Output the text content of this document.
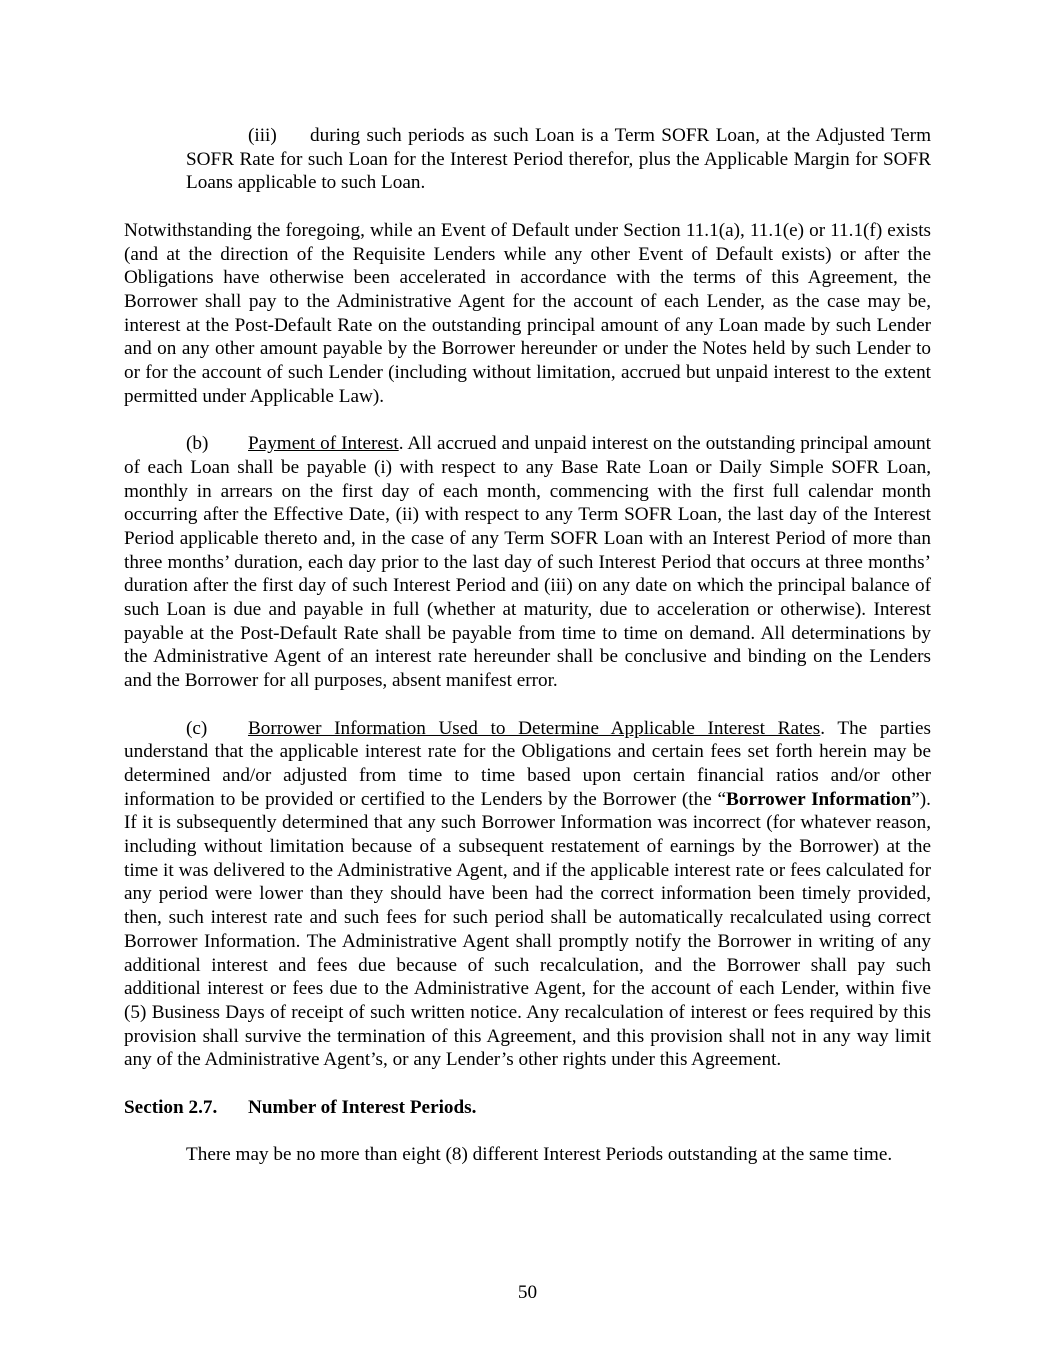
(iii) during such periods as such Loan is a Term SOFR Loan, at the Adjusted Term SOFR Rate for such Loan for the Interest Period therefor, plus the Applicable Margin for SOFR Loans applicable to such Loan.

Notwithstanding the foregoing, while an Event of Default under Section 11.1(a), 11.1(e) or 11.1(f) exists (and at the direction of the Requisite Lenders while any other Event of Default exists) or after the Obligations have otherwise been accelerated in accordance with the terms of this Agreement, the Borrower shall pay to the Administrative Agent for the account of each Lender, as the case may be, interest at the Post-Default Rate on the outstanding principal amount of any Loan made by such Lender and on any other amount payable by the Borrower hereunder or under the Notes held by such Lender to or for the account of such Lender (including without limitation, accrued but unpaid interest to the extent permitted under Applicable Law).

(b) Payment of Interest. All accrued and unpaid interest on the outstanding principal amount of each Loan shall be payable (i) with respect to any Base Rate Loan or Daily Simple SOFR Loan, monthly in arrears on the first day of each month, commencing with the first full calendar month occurring after the Effective Date, (ii) with respect to any Term SOFR Loan, the last day of the Interest Period applicable thereto and, in the case of any Term SOFR Loan with an Interest Period of more than three months’ duration, each day prior to the last day of such Interest Period that occurs at three months’ duration after the first day of such Interest Period and (iii) on any date on which the principal balance of such Loan is due and payable in full (whether at maturity, due to acceleration or otherwise). Interest payable at the Post-Default Rate shall be payable from time to time on demand. All determinations by the Administrative Agent of an interest rate hereunder shall be conclusive and binding on the Lenders and the Borrower for all purposes, absent manifest error.

(c) Borrower Information Used to Determine Applicable Interest Rates. The parties understand that the applicable interest rate for the Obligations and certain fees set forth herein may be determined and/or adjusted from time to time based upon certain financial ratios and/or other information to be provided or certified to the Lenders by the Borrower (the “Borrower Information”). If it is subsequently determined that any such Borrower Information was incorrect (for whatever reason, including without limitation because of a subsequent restatement of earnings by the Borrower) at the time it was delivered to the Administrative Agent, and if the applicable interest rate or fees calculated for any period were lower than they should have been had the correct information been timely provided, then, such interest rate and such fees for such period shall be automatically recalculated using correct Borrower Information. The Administrative Agent shall promptly notify the Borrower in writing of any additional interest and fees due because of such recalculation, and the Borrower shall pay such additional interest or fees due to the Administrative Agent, for the account of each Lender, within five (5) Business Days of receipt of such written notice. Any recalculation of interest or fees required by this provision shall survive the termination of this Agreement, and this provision shall not in any way limit any of the Administrative Agent’s, or any Lender’s other rights under this Agreement.

Section 2.7. Number of Interest Periods.

There may be no more than eight (8) different Interest Periods outstanding at the same time.

50
